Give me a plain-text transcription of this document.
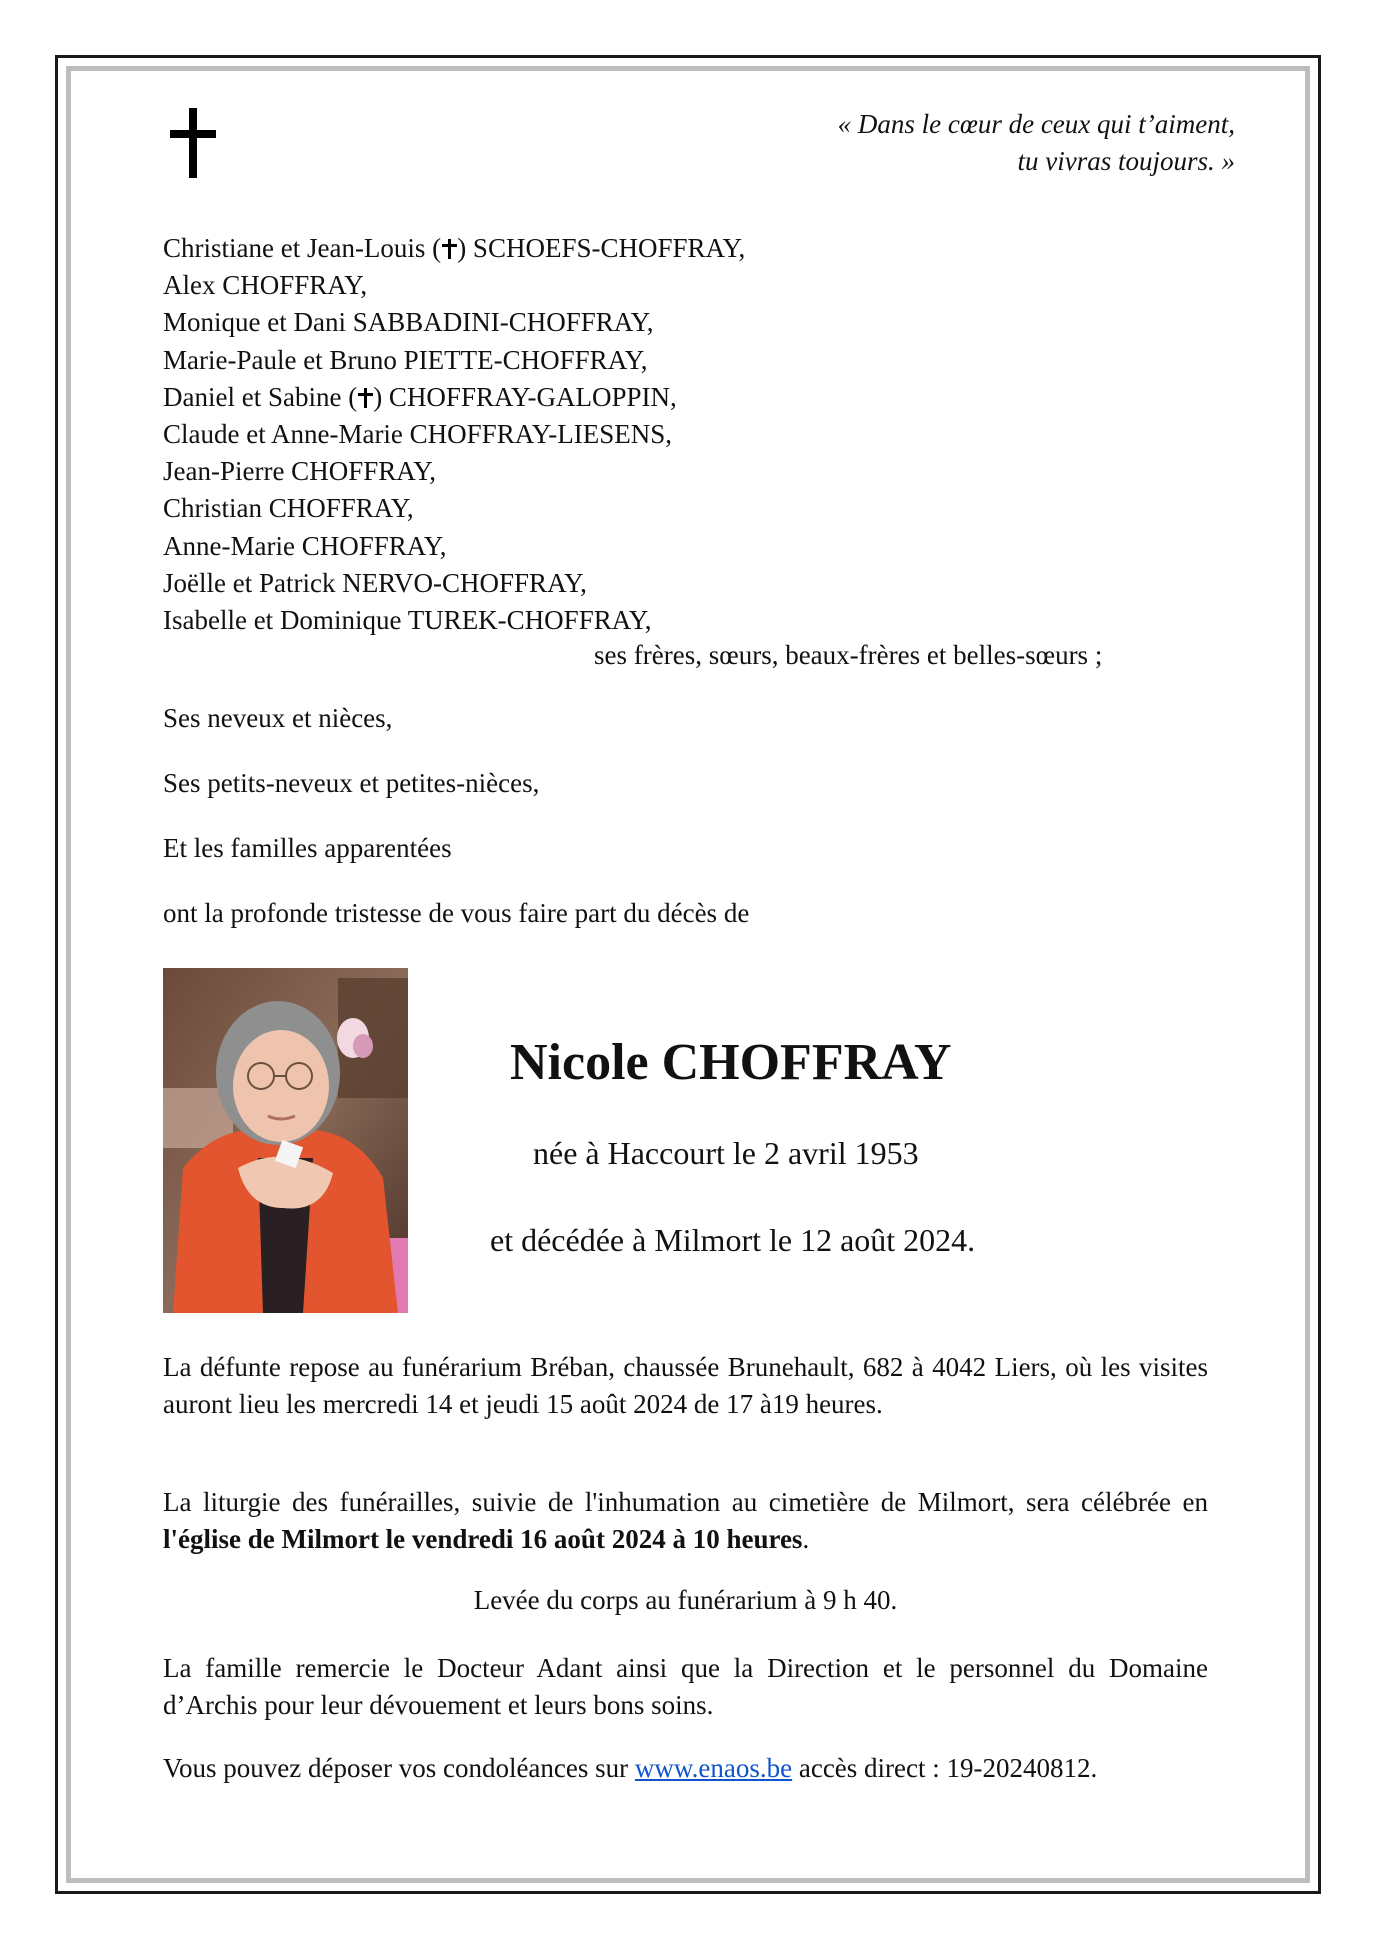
« Dans le cœur de ceux qui t’aiment,
tu vivras toujours. »
Christiane et Jean-Louis ( ) SCHOEFS-CHOFFRAY,
Alex CHOFFRAY,
Monique et Dani SABBADINI-CHOFFRAY,
Marie-Paule et Bruno PIETTE-CHOFFRAY,
Daniel et Sabine ( ) CHOFFRAY-GALOPPIN,
Claude et Anne-Marie CHOFFRAY-LIESENS,
Jean-Pierre CHOFFRAY,
Christian CHOFFRAY,
Anne-Marie CHOFFRAY,
Joëlle et Patrick NERVO-CHOFFRAY,
Isabelle et Dominique TUREK-CHOFFRAY,
ses frères, sœurs, beaux-frères et belles-sœurs ;
Ses neveux et nièces,
Ses petits-neveux et petites-nièces,
Et les familles apparentées
ont la profonde tristesse de vous faire part du décès de
Nicole CHOFFRAY
née à Haccourt le 2 avril 1953
et décédée à Milmort le 12 août 2024.
La défunte repose au funérarium Bréban, chaussée Brunehault, 682 à 4042 Liers, où les visites auront lieu les mercredi 14 et jeudi 15 août 2024 de 17 à19 heures.
La liturgie des funérailles, suivie de l'inhumation au cimetière de Milmort, sera célébrée en l'église de Milmort le vendredi 16 août 2024 à 10 heures.
Levée du corps au funérarium à 9 h 40.
La famille remercie le Docteur Adant ainsi que la Direction et le personnel du Domaine d’Archis pour leur dévouement et leurs bons soins.
Vous pouvez déposer vos condoléances sur www.enaos.be accès direct : 19-20240812.
